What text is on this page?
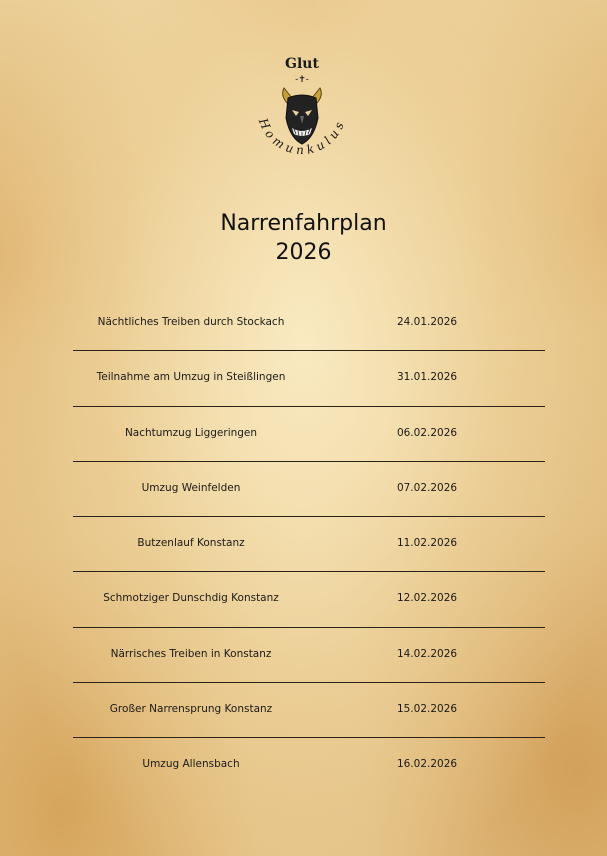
Glut
-✝-
Homunkulus
Narrenfahrplan
2026
Nächtliches Treiben durch Stockach	24.01.2026
Teilnahme am Umzug in Steißlingen	31.01.2026
Nachtumzug Liggeringen	06.02.2026
Umzug Weinfelden	07.02.2026
Butzenlauf Konstanz	11.02.2026
Schmotziger Dunschdig Konstanz	12.02.2026
Närrisches Treiben in Konstanz	14.02.2026
Großer Narrensprung Konstanz	15.02.2026
Umzug Allensbach	16.02.2026
